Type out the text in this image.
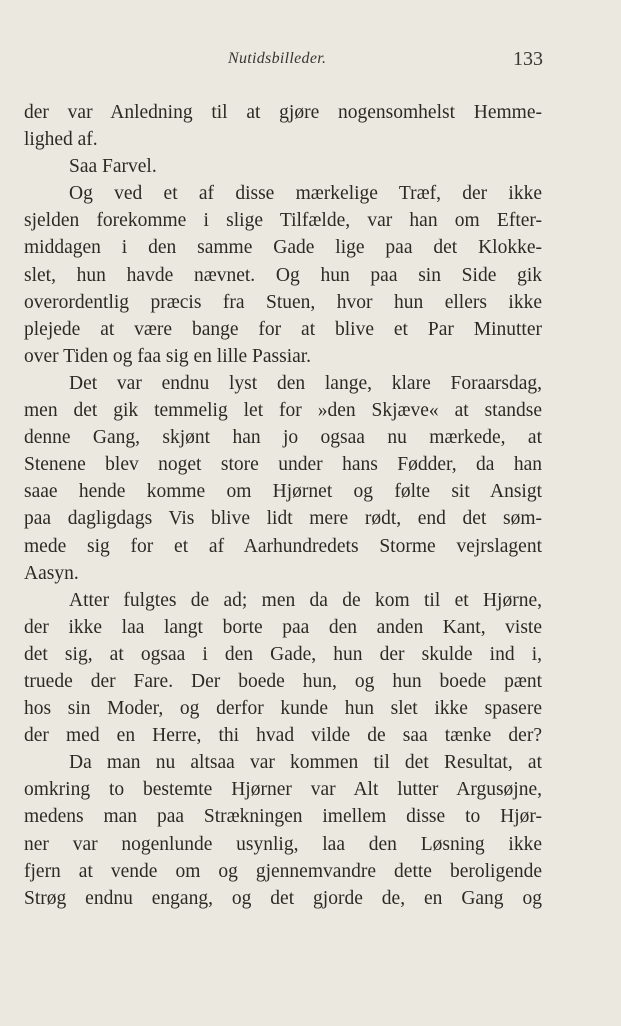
Nutidsbilleder.	133
der var Anledning til at gjøre nogensomhelst Hemme-
lighed af.
Saa Farvel.
Og ved et af disse mærkelige Træf, der ikke
sjelden forekomme i slige Tilfælde, var han om Efter-
middagen i den samme Gade lige paa det Klokke-
slet, hun havde nævnet. Og hun paa sin Side gik
overordentlig præcis fra Stuen, hvor hun ellers ikke
plejede at være bange for at blive et Par Minutter
over Tiden og faa sig en lille Passiar.
Det var endnu lyst den lange, klare Foraarsdag,
men det gik temmelig let for »den Skjæve« at standse
denne Gang, skjønt han jo ogsaa nu mærkede, at
Stenene blev noget store under hans Fødder, da han
saae hende komme om Hjørnet og følte sit Ansigt
paa dagligdags Vis blive lidt mere rødt, end det søm-
mede sig for et af Aarhundredets Storme vejrslagent
Aasyn.
Atter fulgtes de ad; men da de kom til et Hjørne,
der ikke laa langt borte paa den anden Kant, viste
det sig, at ogsaa i den Gade, hun der skulde ind i,
truede der Fare. Der boede hun, og hun boede pænt
hos sin Moder, og derfor kunde hun slet ikke spasere
der med en Herre, thi hvad vilde de saa tænke der?
Da man nu altsaa var kommen til det Resultat, at
omkring to bestemte Hjørner var Alt lutter Argusøjne,
medens man paa Strækningen imellem disse to Hjør-
ner var nogenlunde usynlig, laa den Løsning ikke
fjern at vende om og gjennemvandre dette beroligende
Strøg endnu engang, og det gjorde de, en Gang og
